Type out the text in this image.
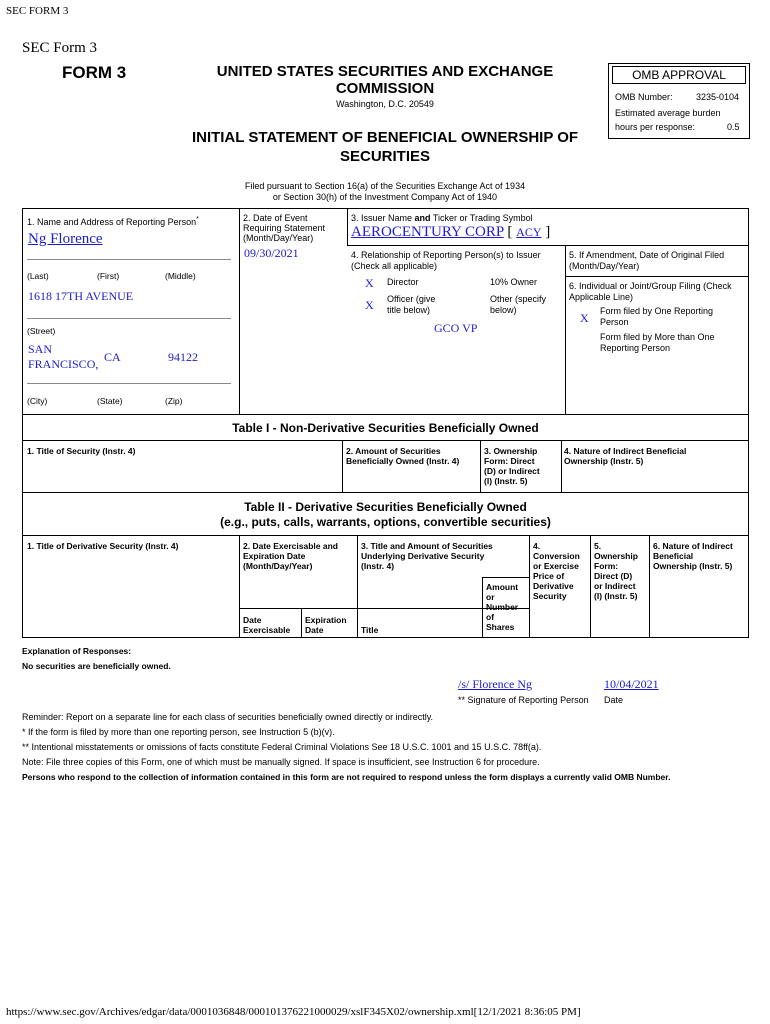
SEC FORM 3
SEC Form 3
FORM 3	UNITED STATES SECURITIES AND EXCHANGE
COMMISSION
Washington, D.C. 20549
INITIAL STATEMENT OF BENEFICIAL OWNERSHIP OF
SECURITIES
OMB APPROVAL
OMB Number:	3235-0104
Estimated average burden
hours per response:	0.5
Filed pursuant to Section 16(a) of the Securities Exchange Act of 1934
or Section 30(h) of the Investment Company Act of 1940
1. Name and Address of Reporting Person*
Ng Florence
(Last)	(First)	(Middle)
1618 17TH AVENUE
(Street)
SAN
FRANCISCO, CA	94122
(City)	(State)	(Zip)
2. Date of Event
Requiring Statement
(Month/Day/Year)
09/30/2021
3. Issuer Name and Ticker or Trading Symbol
AEROCENTURY CORP [ ACY ]
4. Relationship of Reporting Person(s) to Issuer
(Check all applicable)
X Director	10% Owner
X Officer (give
title below)
Other (specify
below)
GCO VP
5. If Amendment, Date of Original Filed
(Month/Day/Year)
6. Individual or Joint/Group Filing (Check
Applicable Line)
X Form filed by One Reporting
Person
Form filed by More than One
Reporting Person
Table I - Non-Derivative Securities Beneficially Owned
1. Title of Security (Instr. 4)	2. Amount of Securities
Beneficially Owned (Instr. 4)
3. Ownership
Form: Direct
(D) or Indirect
(I) (Instr. 5)
4. Nature of Indirect Beneficial
Ownership (Instr. 5)
Table II - Derivative Securities Beneficially Owned
(e.g., puts, calls, warrants, options, convertible securities)
1. Title of Derivative Security (Instr. 4)	2. Date Exercisable and
Expiration Date
(Month/Day/Year)
Date
Exercisable
Expiration
Date
3. Title and Amount of Securities
Underlying Derivative Security
(Instr. 4)
Title
Amount
or
Number
of
Shares
4.
Conversion
or Exercise
Price of
Derivative
Security
5.
Ownership
Form:
Direct (D)
or Indirect
(I) (Instr. 5)
6. Nature of Indirect
Beneficial
Ownership (Instr. 5)
Explanation of Responses:
No securities are beneficially owned.
/s/ Florence Ng	10/04/2021
** Signature of Reporting Person Date
Reminder: Report on a separate line for each class of securities beneficially owned directly or indirectly.
* If the form is filed by more than one reporting person, see Instruction 5 (b)(v).
** Intentional misstatements or omissions of facts constitute Federal Criminal Violations See 18 U.S.C. 1001 and 15 U.S.C. 78ff(a).
Note: File three copies of this Form, one of which must be manually signed. If space is insufficient, see Instruction 6 for procedure.
Persons who respond to the collection of information contained in this form are not required to respond unless the form displays a currently valid OMB Number.
https://www.sec.gov/Archives/edgar/data/0001036848/000101376221000029/xslF345X02/ownership.xml[12/1/2021 8:36:05 PM]
